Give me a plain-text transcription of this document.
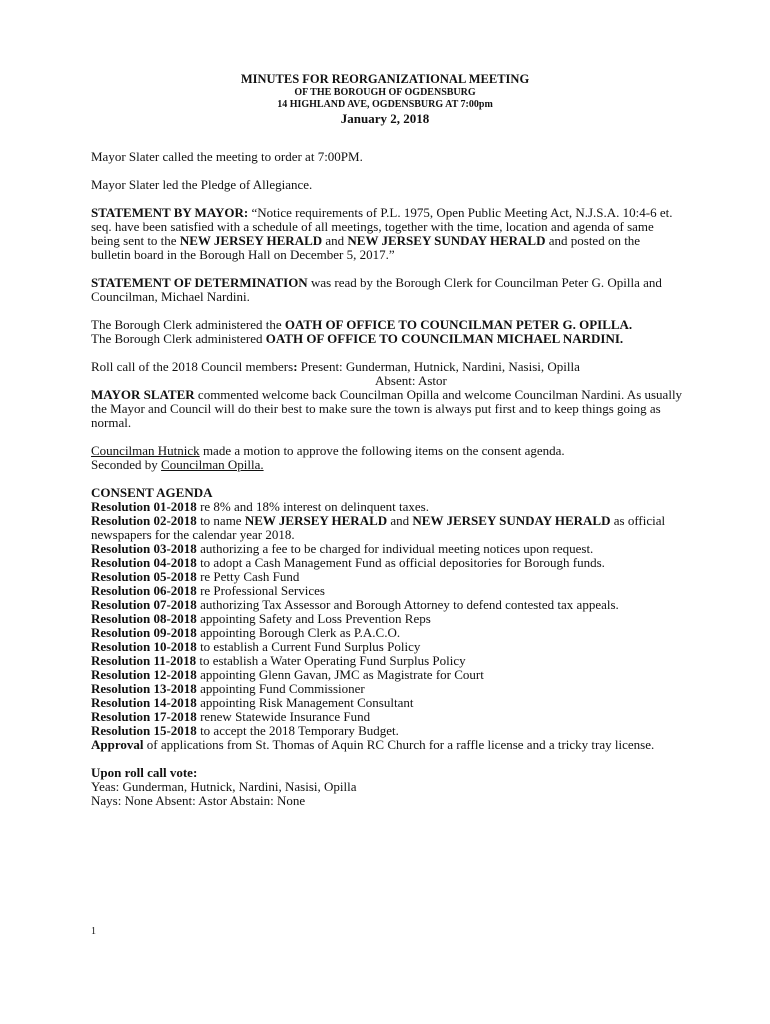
MINUTES FOR REORGANIZATIONAL MEETING
OF THE BOROUGH OF OGDENSBURG
14 HIGHLAND AVE, OGDENSBURG AT 7:00pm
January 2, 2018

Mayor Slater called the meeting to order at 7:00PM.

Mayor Slater led the Pledge of Allegiance.

STATEMENT BY MAYOR: “Notice requirements of P.L. 1975, Open Public Meeting Act, N.J.S.A. 10:4-6 et. seq. have been satisfied with a schedule of all meetings, together with the time, location and agenda of same being sent to the NEW JERSEY HERALD and NEW JERSEY SUNDAY HERALD and posted on the bulletin board in the Borough Hall on December 5, 2017.”

STATEMENT OF DETERMINATION was read by the Borough Clerk for Councilman Peter G. Opilla and Councilman, Michael Nardini.

The Borough Clerk administered the OATH OF OFFICE TO COUNCILMAN PETER G. OPILLA.

The Borough Clerk administered OATH OF OFFICE TO COUNCILMAN MICHAEL NARDINI.

Roll call of the 2018 Council members: Present: Gunderman, Hutnick, Nardini, Nasisi, Opilla

Absent: Astor

MAYOR SLATER commented welcome back Councilman Opilla and welcome Councilman Nardini. As usually the Mayor and Council will do their best to make sure the town is always put first and to keep things going as normal.

Councilman Hutnick made a motion to approve the following items on the consent agenda.
Seconded by Councilman Opilla.

CONSENT AGENDA
Resolution 01-2018 re 8% and 18% interest on delinquent taxes.
Resolution 02-2018 to name NEW JERSEY HERALD and NEW JERSEY SUNDAY HERALD as official newspapers for the calendar year 2018.
Resolution 03-2018 authorizing a fee to be charged for individual meeting notices upon request.
Resolution 04-2018 to adopt a Cash Management Fund as official depositories for Borough funds.
Resolution 05-2018 re Petty Cash Fund
Resolution 06-2018 re Professional Services
Resolution 07-2018 authorizing Tax Assessor and Borough Attorney to defend contested tax appeals.
Resolution 08-2018 appointing Safety and Loss Prevention Reps
Resolution 09-2018 appointing Borough Clerk as P.A.C.O.
Resolution 10-2018 to establish a Current Fund Surplus Policy
Resolution 11-2018 to establish a Water Operating Fund Surplus Policy
Resolution 12-2018 appointing Glenn Gavan, JMC as Magistrate for Court
Resolution 13-2018 appointing Fund Commissioner
Resolution 14-2018 appointing Risk Management Consultant
Resolution 17-2018 renew Statewide Insurance Fund
Resolution 15-2018 to accept the 2018 Temporary Budget.
Approval of applications from St. Thomas of Aquin RC Church for a raffle license and a tricky tray license.
Upon roll call vote:
Yeas: Gunderman, Hutnick, Nardini, Nasisi, Opilla
Nays: None Absent: Astor Abstain: None
1
